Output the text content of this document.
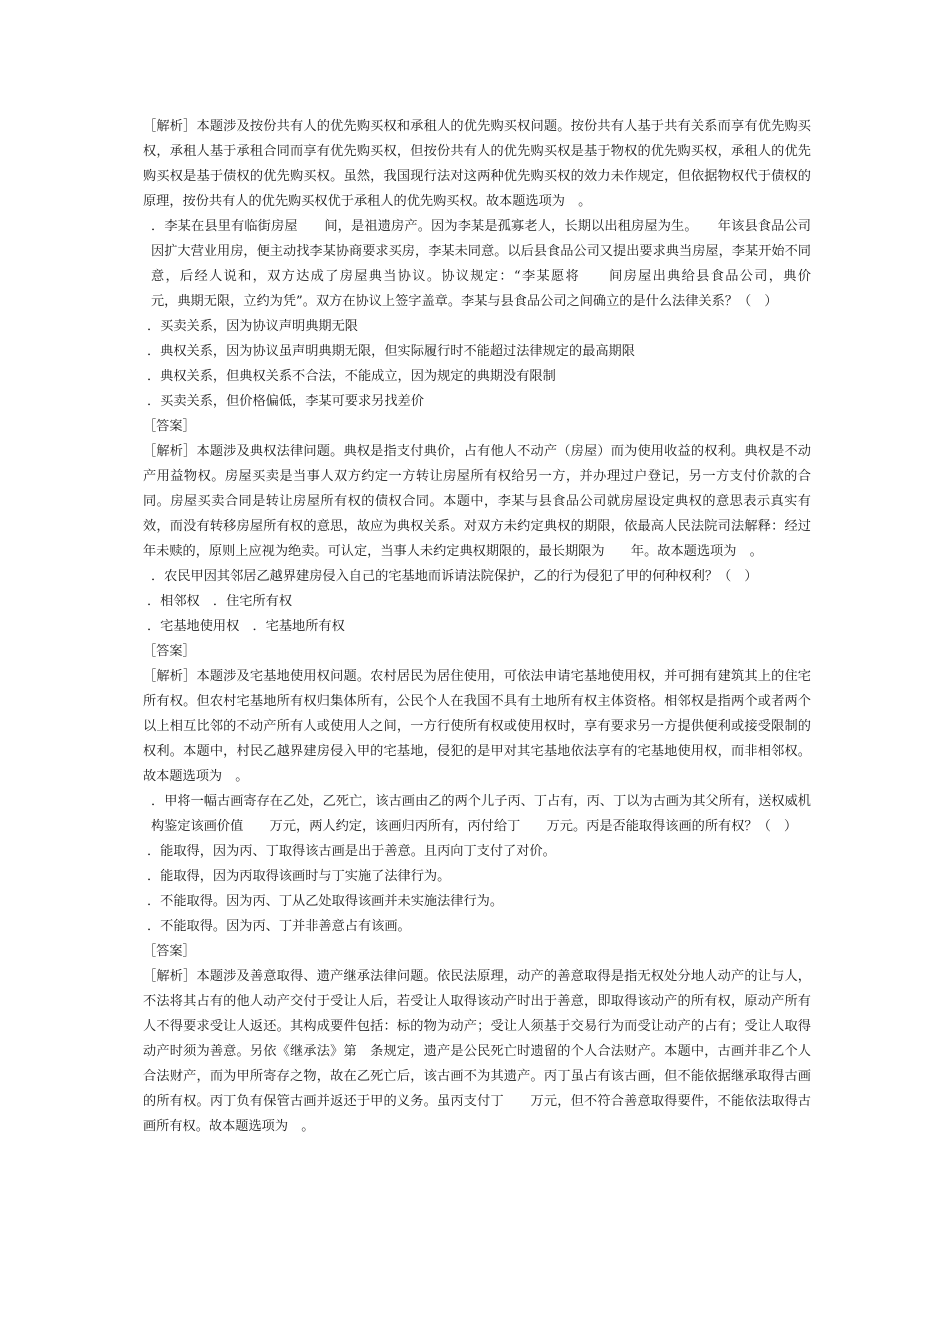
［解析］本题涉及按份共有人的优先购买权和承租人的优先购买权问题。按份共有人基于共有关系而享有优先购买权，承租人基于承租合同而享有优先购买权，但按份共有人的优先购买权是基于物权的优先购买权，承租人的优先购买权是基于债权的优先购买权。虽然，我国现行法对这两种优先购买权的效力未作规定，但依据物权代于债权的原理，按份共有人的优先购买权优于承租人的优先购买权。故本题选项为　。

．李某在县里有临街房屋　　间，是祖遗房产。因为李某是孤寡老人，长期以出租房屋为生。　　年该县食品公司因扩大营业用房，便主动找李某协商要求买房，李某未同意。以后县食品公司又提出要求典当房屋，李某开始不同意，后经人说和，双方达成了房屋典当协议。协议规定：“李某愿将　　间房屋出典给县食品公司，典价　　　　元，典期无限，立约为凭”。双方在协议上签字盖章。李某与县食品公司之间确立的是什么法律关系？（　）

．买卖关系，因为协议声明典期无限

．典权关系，因为协议虽声明典期无限，但实际履行时不能超过法律规定的最高期限

．典权关系，但典权关系不合法，不能成立，因为规定的典期没有限制

．买卖关系，但价格偏低，李某可要求另找差价

［答案］

［解析］本题涉及典权法律问题。典权是指支付典价，占有他人不动产（房屋）而为使用收益的权利。典权是不动产用益物权。房屋买卖是当事人双方约定一方转让房屋所有权给另一方，并办理过户登记，另一方支付价款的合同。房屋买卖合同是转让房屋所有权的债权合同。本题中，李某与县食品公司就房屋设定典权的意思表示真实有效，而没有转移房屋所有权的意思，故应为典权关系。对双方未约定典权的期限，依最高人民法院司法解释：经过　　年未赎的，原则上应视为绝卖。可认定，当事人未约定典权期限的，最长期限为　　年。故本题选项为　。

．农民甲因其邻居乙越界建房侵入自己的宅基地而诉请法院保护，乙的行为侵犯了甲的何种权利？（　）

．相邻权　．住宅所有权

．宅基地使用权　．宅基地所有权

［答案］

［解析］本题涉及宅基地使用权问题。农村居民为居住使用，可依法申请宅基地使用权，并可拥有建筑其上的住宅所有权。但农村宅基地所有权归集体所有，公民个人在我国不具有土地所有权主体资格。相邻权是指两个或者两个以上相互比邻的不动产所有人或使用人之间，一方行使所有权或使用权时，享有要求另一方提供便利或接受限制的权利。本题中，村民乙越界建房侵入甲的宅基地，侵犯的是甲对其宅基地依法享有的宅基地使用权，而非相邻权。故本题选项为　。

．甲将一幅古画寄存在乙处，乙死亡，该古画由乙的两个儿子丙、丁占有，丙、丁以为古画为其父所有，送权威机构鉴定该画价值　　万元，两人约定，该画归丙所有，丙付给丁　　万元。丙是否能取得该画的所有权？（　）

．能取得，因为丙、丁取得该古画是出于善意。且丙向丁支付了对价。

．能取得，因为丙取得该画时与丁实施了法律行为。

．不能取得。因为丙、丁从乙处取得该画并未实施法律行为。

．不能取得。因为丙、丁并非善意占有该画。

［答案］

［解析］本题涉及善意取得、遗产继承法律问题。依民法原理，动产的善意取得是指无权处分地人动产的让与人，不法将其占有的他人动产交付于受让人后，若受让人取得该动产时出于善意，即取得该动产的所有权，原动产所有人不得要求受让人返还。其构成要件包括：标的物为动产；受让人须基于交易行为而受让动产的占有；受让人取得动产时须为善意。另依《继承法》第　条规定，遗产是公民死亡时遗留的个人合法财产。本题中，古画并非乙个人合法财产，而为甲所寄存之物，故在乙死亡后，该古画不为其遗产。丙丁虽占有该古画，但不能依据继承取得古画的所有权。丙丁负有保管古画并返还于甲的义务。虽丙支付丁　　万元，但不符合善意取得要件，不能依法取得古画所有权。故本题选项为　。
